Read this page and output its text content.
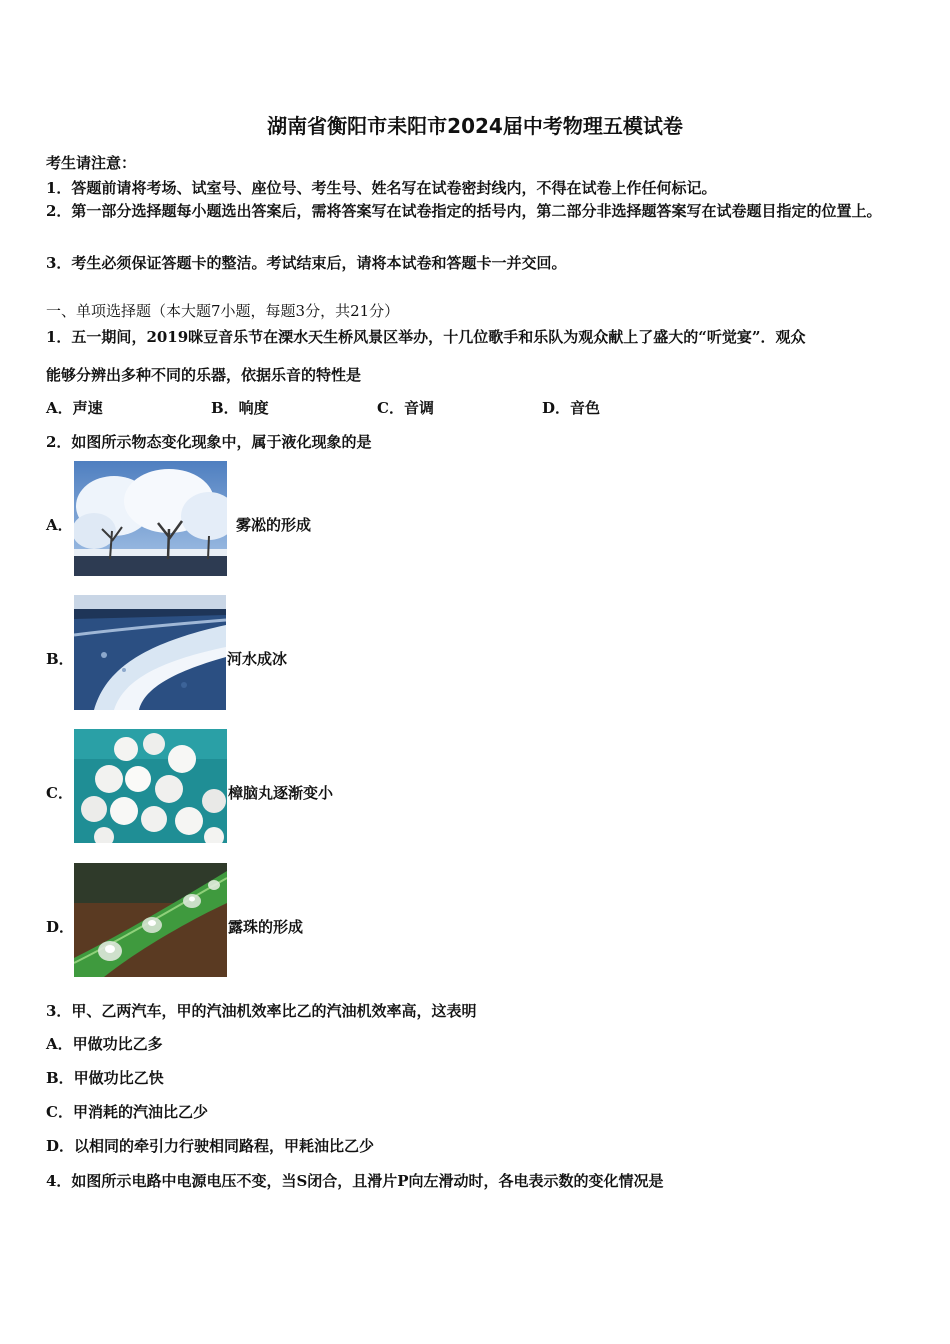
湖南省衡阳市耒阳市2024届中考物理五模试卷
考生请注意：
1．答题前请将考场、试室号、座位号、考生号、姓名写在试卷密封线内，不得在试卷上作任何标记。
2．第一部分选择题每小题选出答案后，需将答案写在试卷指定的括号内，第二部分非选择题答案写在试卷题目指定的位置上。
3．考生必须保证答题卡的整洁。考试结束后，请将本试卷和答题卡一并交回。
一、单项选择题（本大题7小题，每题3分，共21分）
1．五一期间，2019咪豆音乐节在溧水天生桥风景区举办，十几位歌手和乐队为观众献上了盛大的“听觉宴”．观众
能够分辨出多种不同的乐器，依据乐音的特性是
A．声速	B．响度	C．音调	D．音色
2．如图所示物态变化现象中，属于液化现象的是
A．	雾凇的形成
B．	河水成冰
C．	樟脑丸逐渐变小
D．	露珠的形成
3．甲、乙两汽车，甲的汽油机效率比乙的汽油机效率高，这表明
A．甲做功比乙多
B．甲做功比乙快
C．甲消耗的汽油比乙少
D．以相同的牵引力行驶相同路程，甲耗油比乙少
4．如图所示电路中电源电压不变，当S闭合，且滑片P向左滑动时，各电表示数的变化情况是
